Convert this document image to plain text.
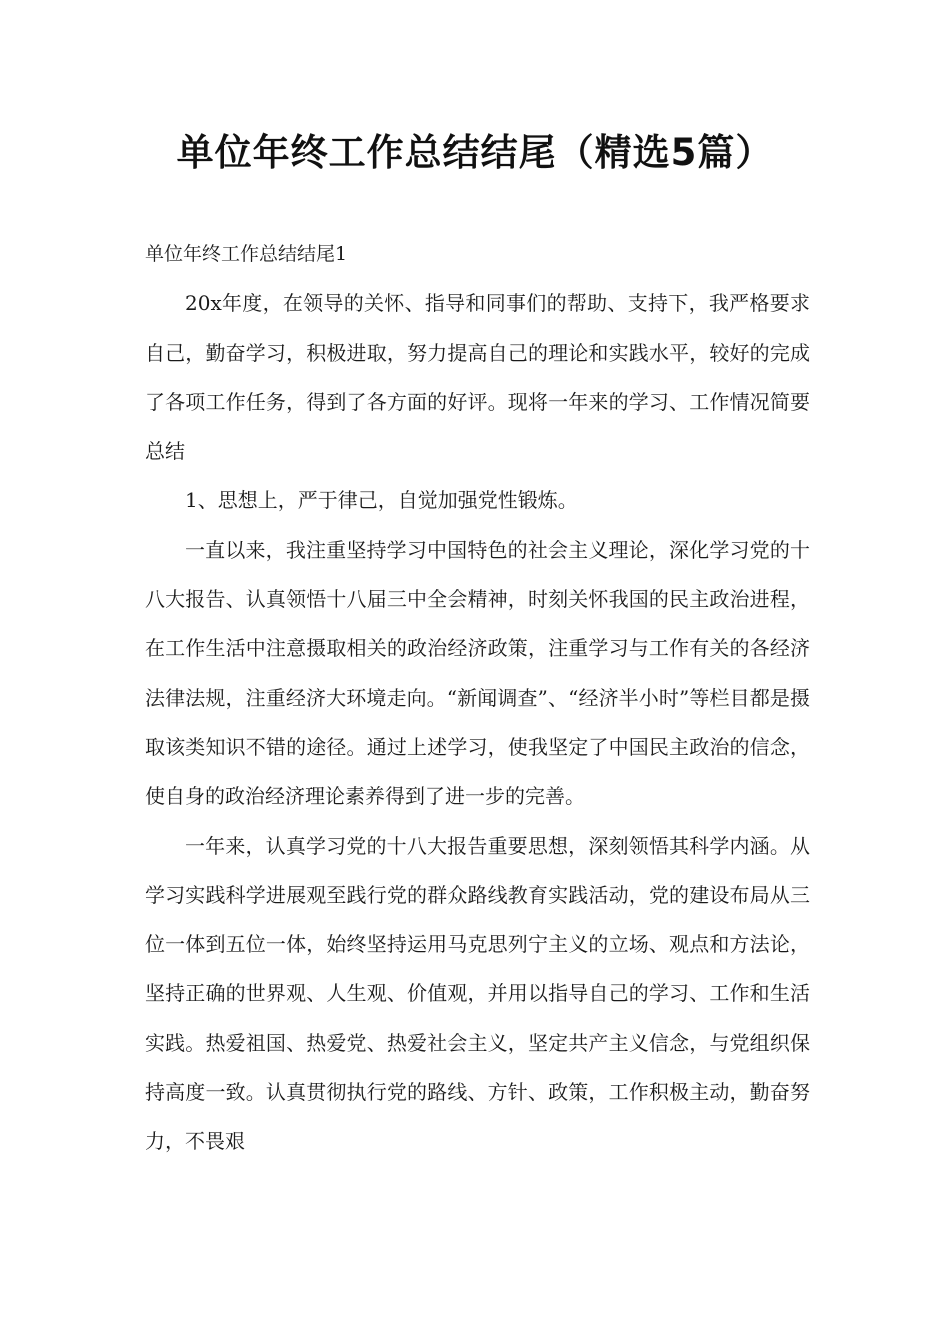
单位年终工作总结结尾（精选5篇）

单位年终工作总结结尾1

20x年度，在领导的关怀、指导和同事们的帮助、支持下，我严格要求自己，勤奋学习，积极进取，努力提高自己的理论和实践水平，较好的完成了各项工作任务，得到了各方面的好评。现将一年来的学习、工作情况简要总结

1、思想上，严于律己，自觉加强党性锻炼。

一直以来，我注重坚持学习中国特色的社会主义理论，深化学习党的十八大报告、认真领悟十八届三中全会精神，时刻关怀我国的民主政治进程，在工作生活中注意摄取相关的政治经济政策，注重学习与工作有关的各经济法律法规，注重经济大环境走向。“新闻调查”、“经济半小时”等栏目都是摄取该类知识不错的途径。通过上述学习，使我坚定了中国民主政治的信念，使自身的政治经济理论素养得到了进一步的完善。

一年来，认真学习党的十八大报告重要思想，深刻领悟其科学内涵。从学习实践科学进展观至践行党的群众路线教育实践活动，党的建设布局从三位一体到五位一体，始终坚持运用马克思列宁主义的立场、观点和方法论，坚持正确的世界观、人生观、价值观，并用以指导自己的学习、工作和生活实践。热爱祖国、热爱党、热爱社会主义，坚定共产主义信念，与党组织保持高度一致。认真贯彻执行党的路线、方针、政策，工作积极主动，勤奋努力，不畏艰
